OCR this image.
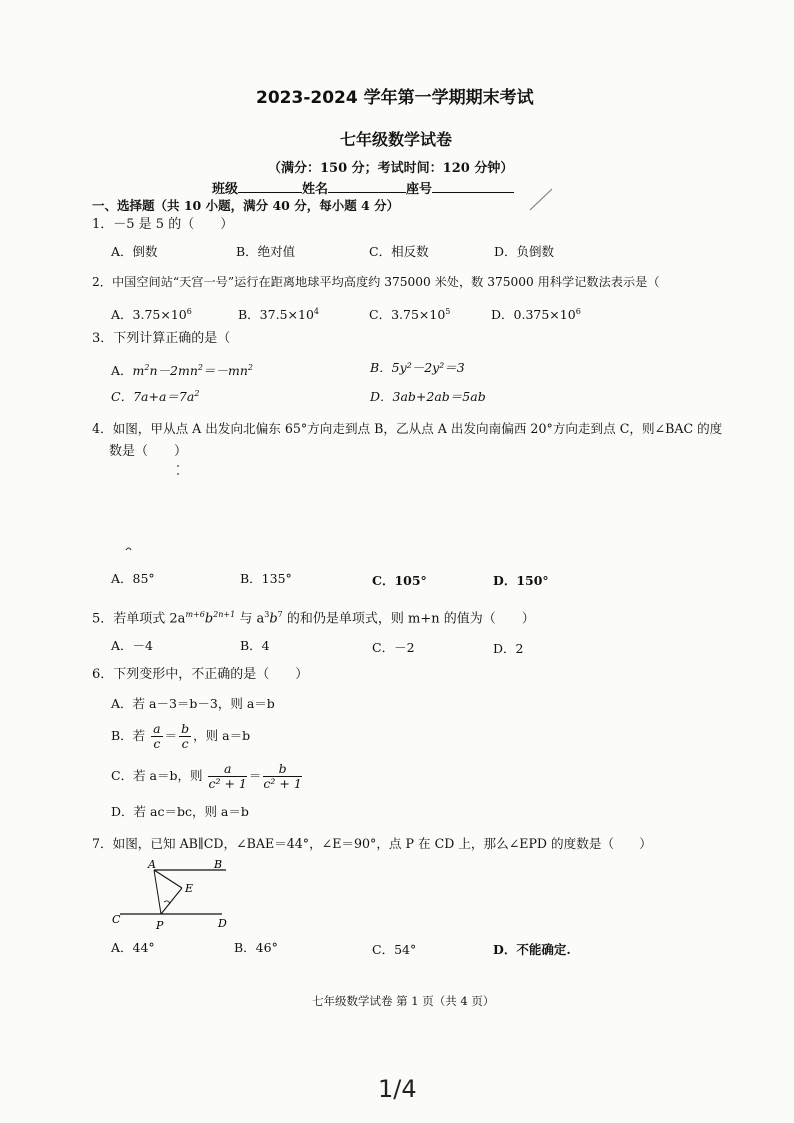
2023-2024 学年第一学期期末考试
七年级数学试卷
（满分：150 分；考试时间：120 分钟）
班级	姓名	座号
一、选择题（共 10 小题，满分 40 分，每小题 4 分）
1．－5 是 5 的（　　）
A．倒数	B．绝对值	C．相反数	D．负倒数
2．中国空间站“天宫一号”运行在距离地球平均高度约 375000 米处，数 375000 用科学记数法表示是（
A．$3.75\times 10^6$	B．$37.5\times 10^4$	C．$3.75\times 10^5$	D．$0.375\times 10^6$
3．下列计算正确的是（
A．$m^2n-2mn^2=-mn^2$	B．5y²－2y²＝3
C．$7a+a=7a^2$	D．3ab+2ab＝5ab
4．如图，甲从点 A 出发向北偏东 65°方向走到点 B，乙从点 A 出发向南偏西 20°方向走到点 C，则∠BAC 的度
数是（　　）
A．85°	B．135°	C．105°	D．150°
5．若单项式 $2a^{m+6}b^{2n+1}$ 与 $a^3b^7$ 的和仍是单项式，则 m+n 的值为（　　）
A．－4	B．4	C．－2	D．2
6．下列变形中，不正确的是（　　）
A．若 a－3＝b－3，则 a＝b
B．若 $\frac{a}{c} = \frac{b}{c}$ ，则 a＝b
C．若 a＝b，则 $\frac{a}{\text{c² + 1}} = \frac{b}{\text{c² + 1}}$
D．若 ac＝bc，则 a＝b
7．如图，已知 AB∥CD，∠BAE＝44°，∠E＝90°，点 P 在 CD 上，那么∠EPD 的度数是（　　）
A	B
E
C	P	D
A．44°	B．46°	C．54°	D．不能确定.
七年级数学试卷 第 1 页（共 4 页）
1/4
